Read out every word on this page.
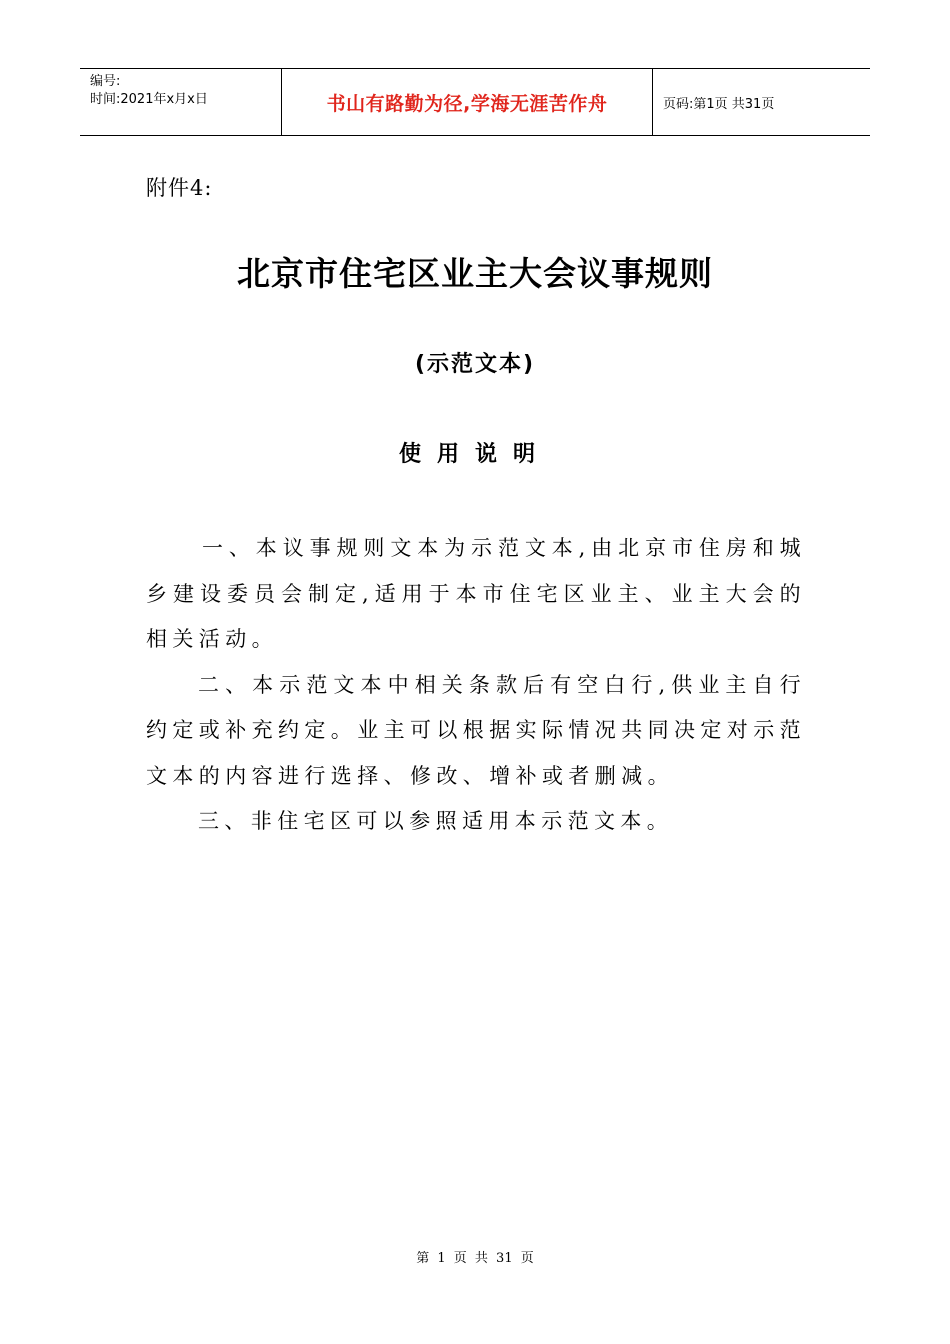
编号:
时间:2021年x月x日	书山有路勤为径,学海无涯苦作舟	页码:第1页 共31页
附件4:
北京市住宅区业主大会议事规则
(示范文本)
使用说明

一、本议事规则文本为示范文本,由北京市住房和城乡建设委员会制定,适用于本市住宅区业主、业主大会的相关活动。

二、本示范文本中相关条款后有空白行,供业主自行约定或补充约定。业主可以根据实际情况共同决定对示范文本的内容进行选择、修改、增补或者删减。

三、非住宅区可以参照适用本示范文本。

第 1 页 共 31 页
